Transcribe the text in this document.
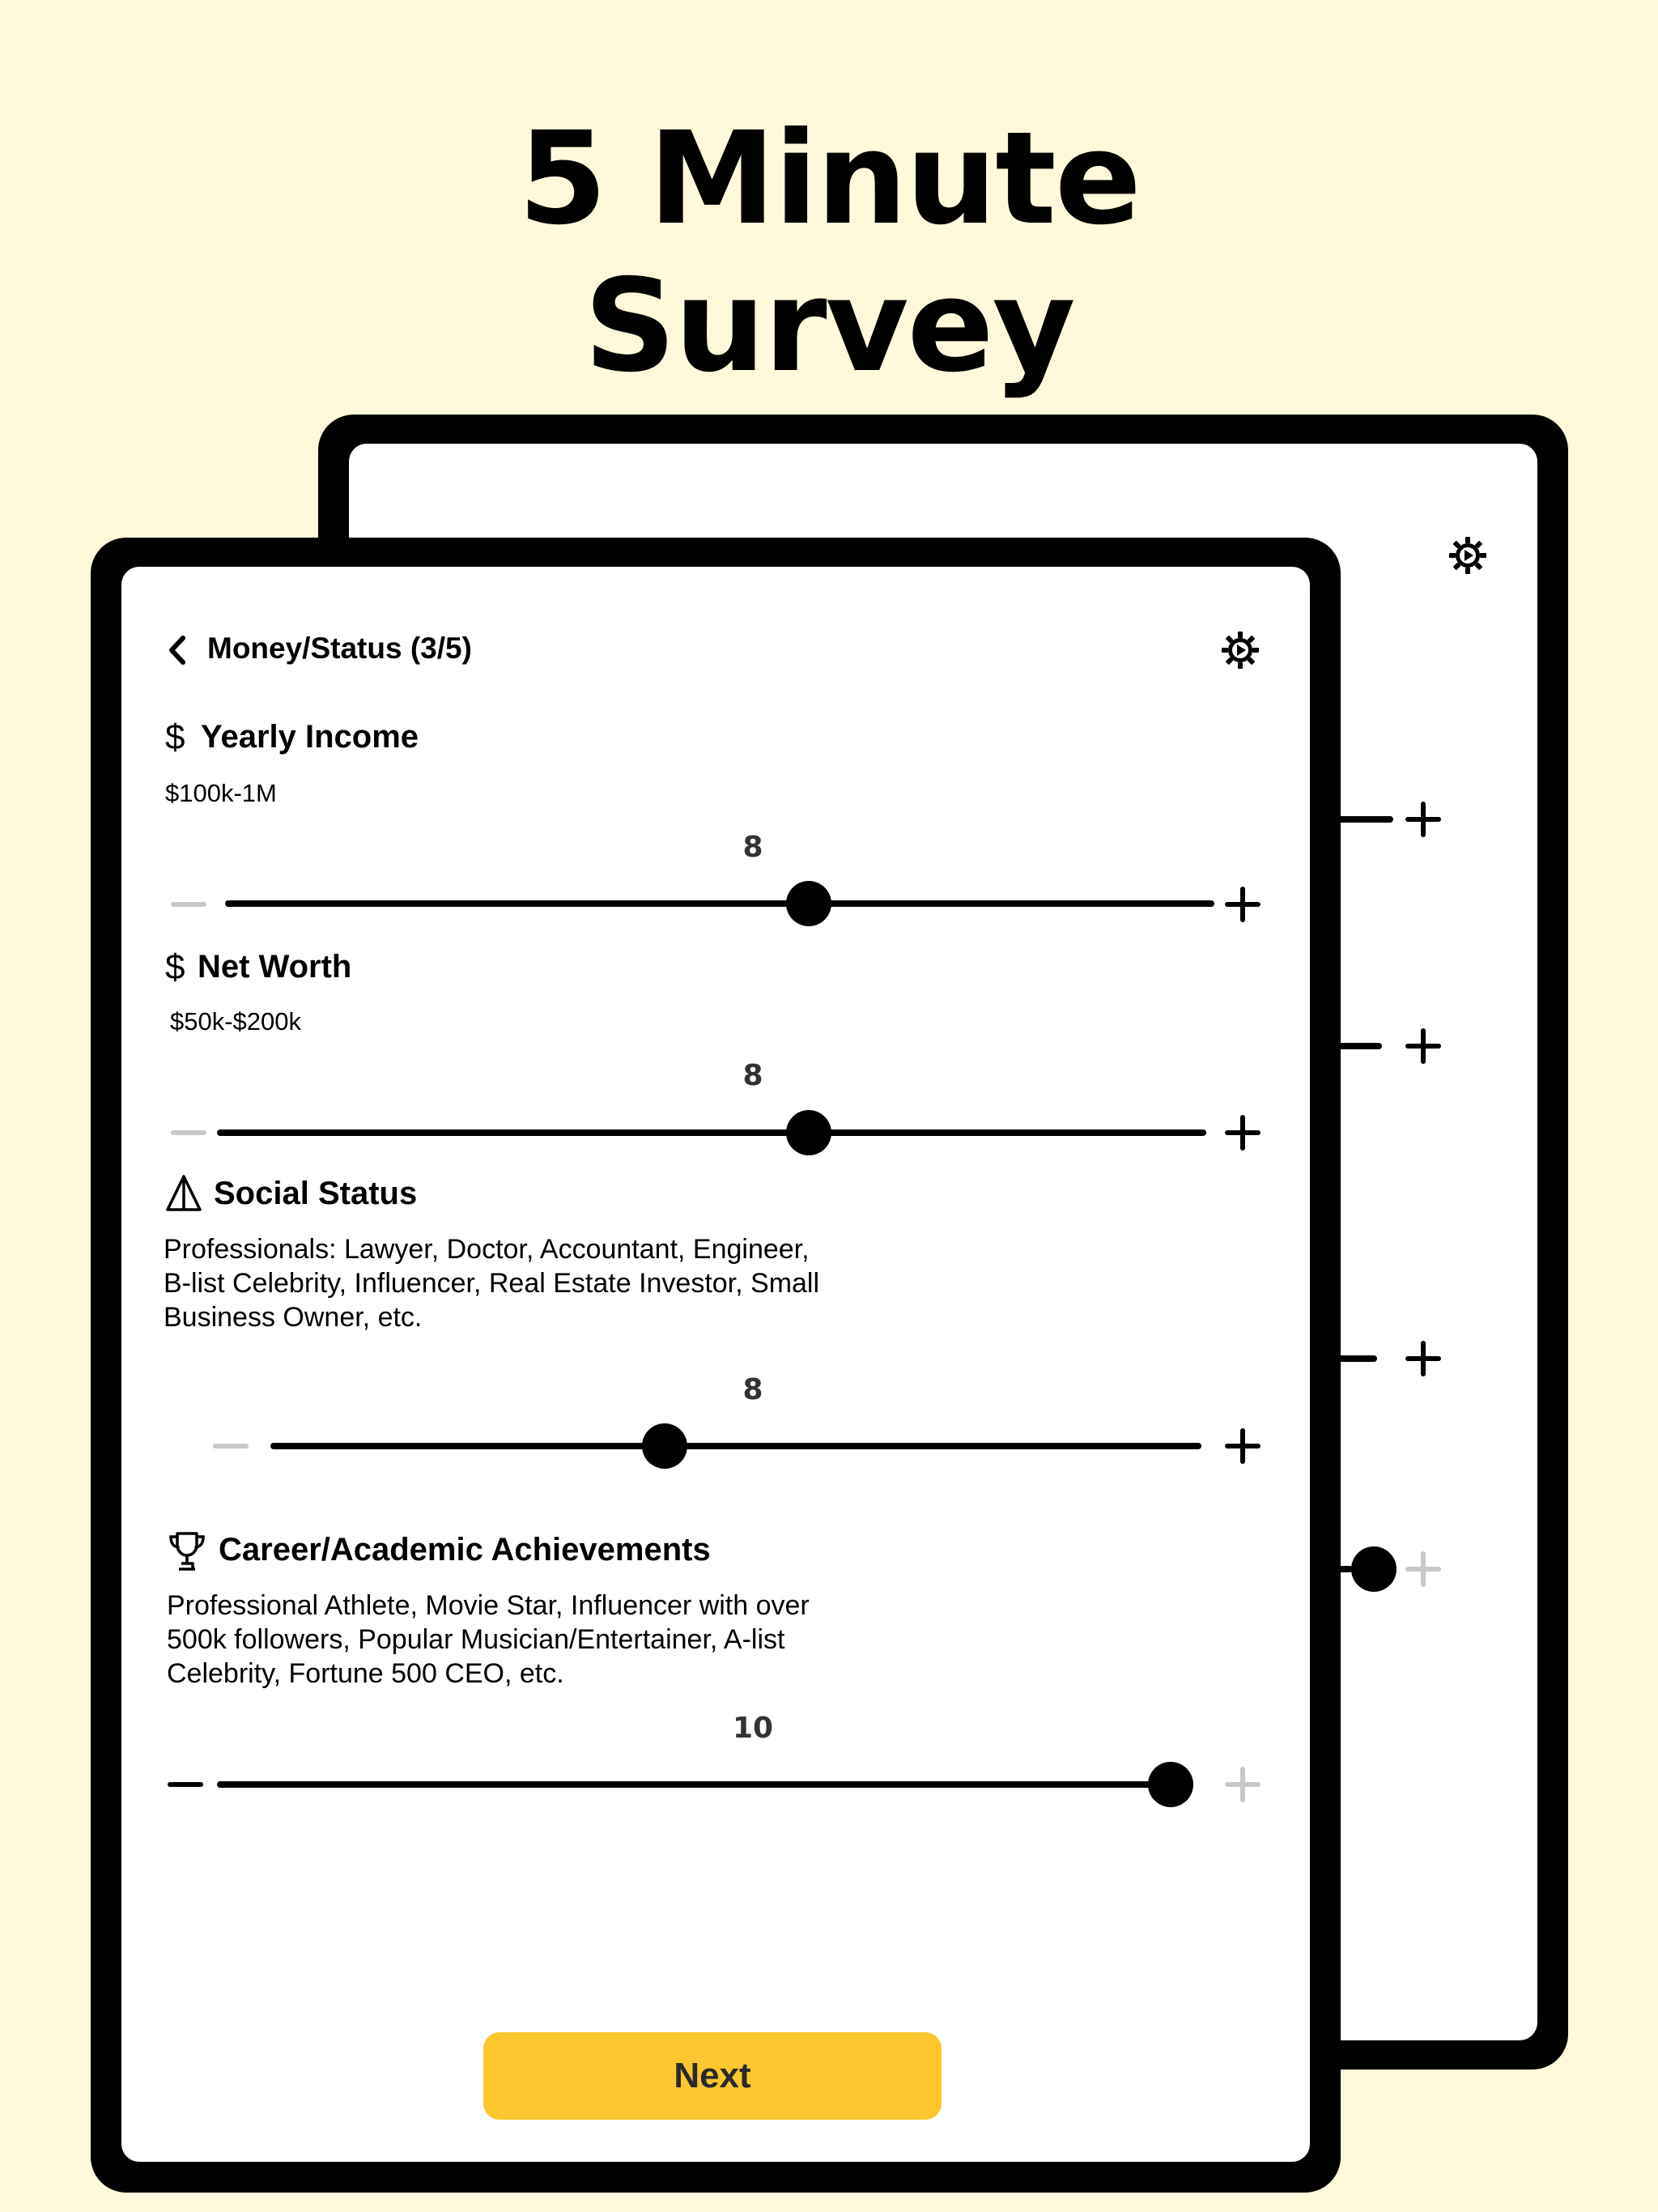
5 Minute
Survey
Money/Status (3/5)
$ Yearly Income
$100k-1M
8
$ Net Worth
$50k-$200k
8
Social Status
Professionals: Lawyer, Doctor, Accountant, Engineer, B-list Celebrity, Influencer, Real Estate Investor, Small Business Owner, etc.
8
Career/Academic Achievements
Professional Athlete, Movie Star, Influencer with over 500k followers, Popular Musician/Entertainer, A-list Celebrity, Fortune 500 CEO, etc.
10
Next
